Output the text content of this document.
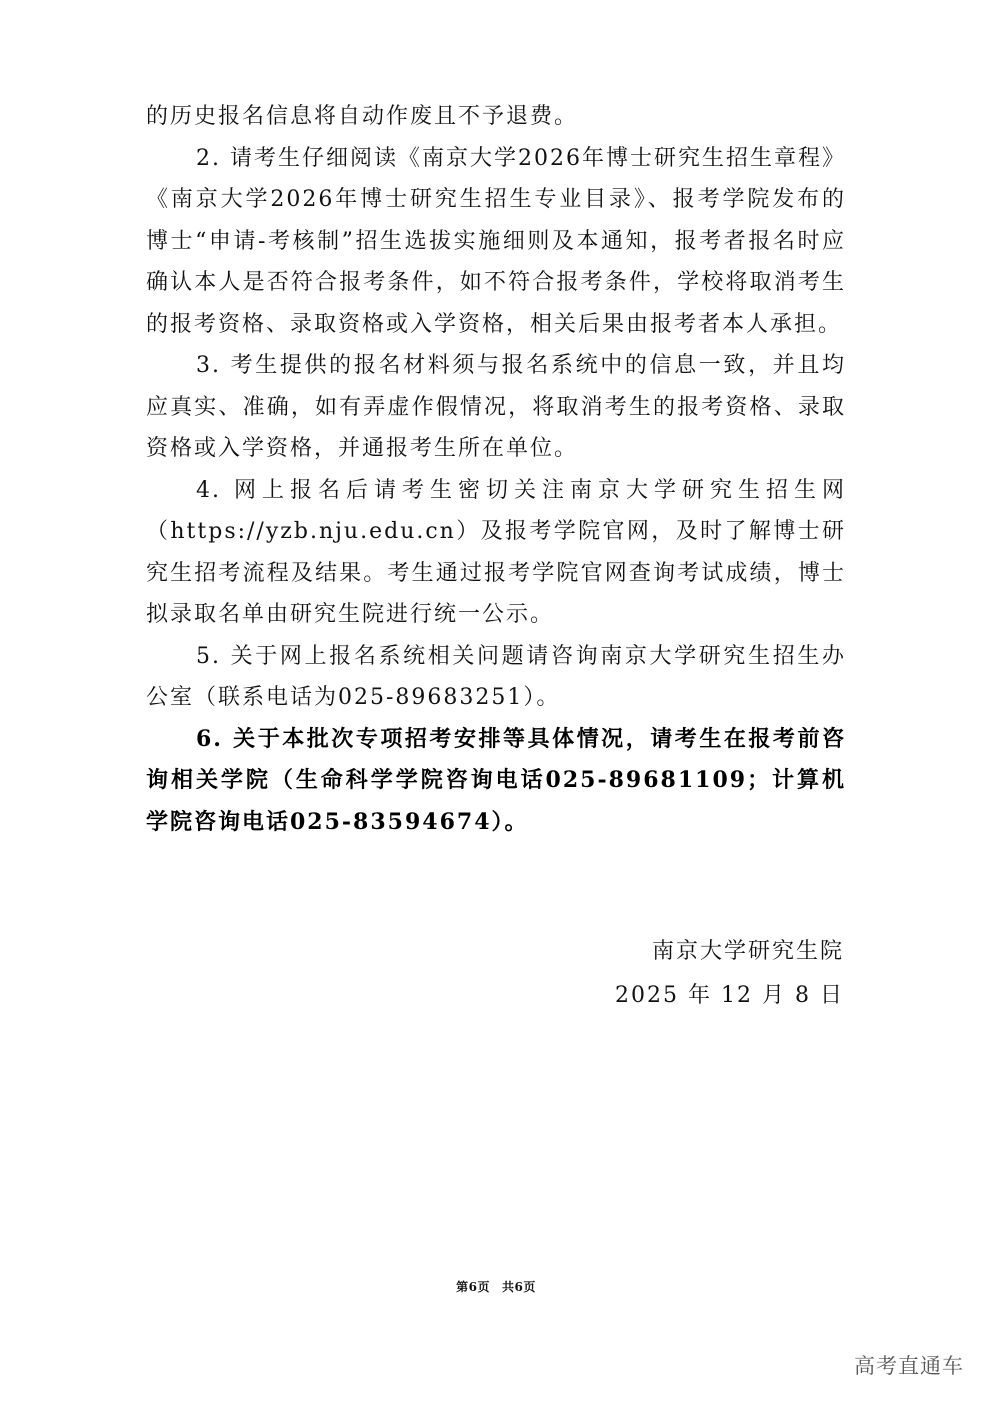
的历史报名信息将自动作废且不予退费。

2. 请考生仔细阅读《南京大学2026年博士研究生招生章程》《南京大学2026年博士研究生招生专业目录》、报考学院发布的博士“申请-考核制”招生选拔实施细则及本通知，报考者报名时应确认本人是否符合报考条件，如不符合报考条件，学校将取消考生的报考资格、录取资格或入学资格，相关后果由报考者本人承担。

3. 考生提供的报名材料须与报名系统中的信息一致，并且均应真实、准确，如有弄虚作假情况，将取消考生的报考资格、录取资格或入学资格，并通报考生所在单位。

4. 网上报名后请考生密切关注南京大学研究生招生网（https://yzb.nju.edu.cn）及报考学院官网，及时了解博士研究生招考流程及结果。考生通过报考学院官网查询考试成绩，博士拟录取名单由研究生院进行统一公示。

5. 关于网上报名系统相关问题请咨询南京大学研究生招生办公室（联系电话为025-89683251）。

6. 关于本批次专项招考安排等具体情况，请考生在报考前咨询相关学院（生命科学学院咨询电话025-89681109；计算机学院咨询电话025-83594674）。

南京大学研究生院
2025 年 12 月 8 日
第6页 共6页
高考直通车
